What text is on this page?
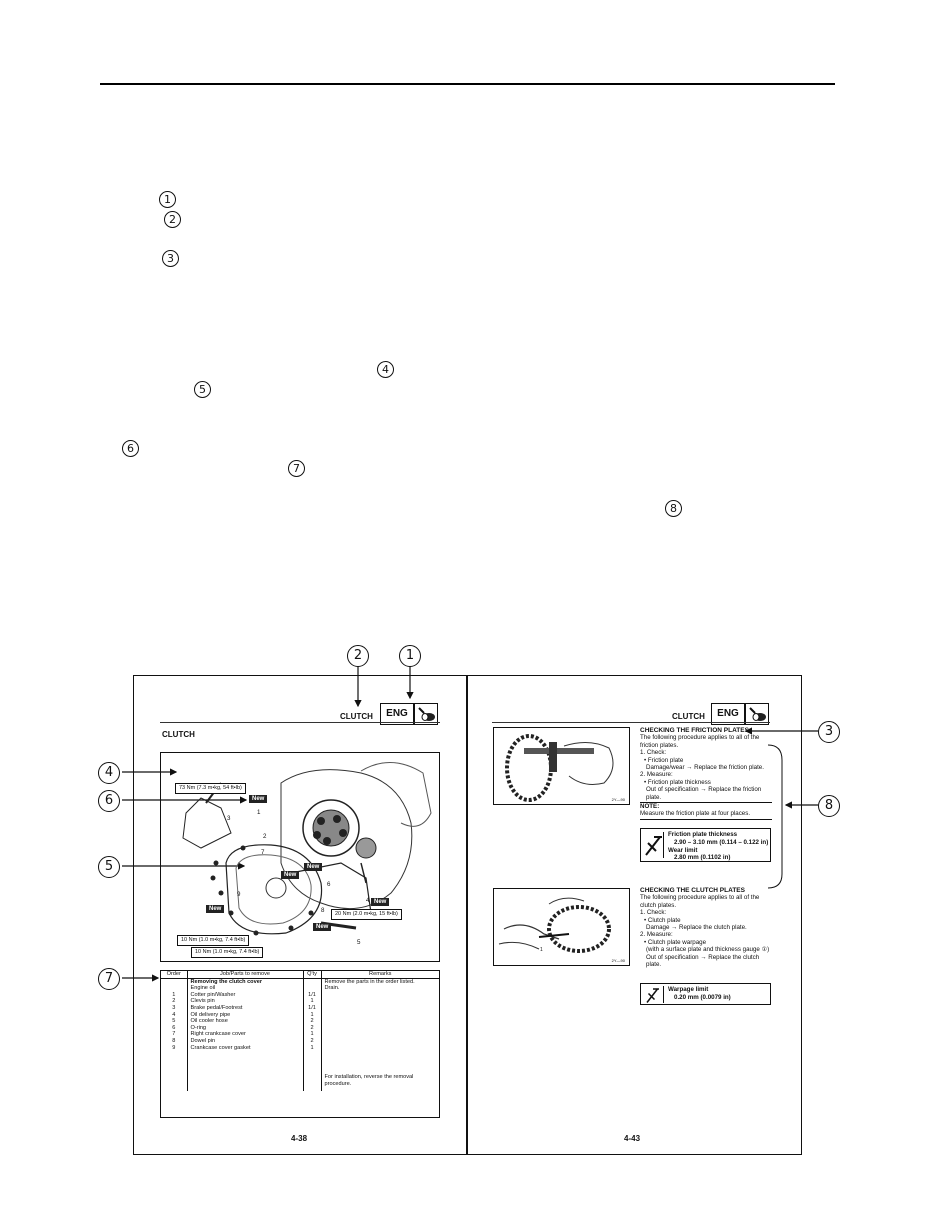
1
2
3
4
5
6
7
8
2	1
4
6
5
7
3
8
CLUTCH	ENG
CLUTCH
73 Nm (7.3 m•kg, 54 ft•lb)
20 Nm (2.0 m•kg, 15 ft•lb)
10 Nm (1.0 m•kg, 7.4 ft•lb)
10 Nm (1.0 m•kg, 7.4 ft•lb)
New
New
New
New
New
New
1
2
3
4
5
6
7
8
9
Order	Job/Parts to remove	Q'ty	Remarks
	Removing the clutch cover		Remove the parts in the order listed.
	Engine oil		Drain.
1	Cotter pin/Washer	1/1	
2	Clevis pin	1	
3	Brake pedal/Footrest	1/1	
4	Oil delivery pipe	1	
5	Oil cooler hose	2	
6	O-ring	2	
7	Right crankcase cover	1	
8	Dowel pin	2	
9	Crankcase cover gasket	1	
			For installation, reverse the removal procedure.
4-38
CLUTCH	ENG
2Y—90
CHECKING THE FRICTION PLATES
The following procedure applies to all of the
friction plates.
1. Check:
• Friction plate
Damage/wear → Replace the friction plate.
2. Measure:
• Friction plate thickness
Out of specification → Replace the friction
plate.
NOTE:
Measure the friction plate at four places.
Friction plate thickness
2.90 – 3.10 mm (0.114 – 0.122 in)
Wear limit
2.80 mm (0.1102 in)
1
2Y—90
CHECKING THE CLUTCH PLATES
The following procedure applies to all of the
clutch plates.
1. Check:
• Clutch plate
Damage → Replace the clutch plate.
2. Measure:
• Clutch plate warpage
(with a surface plate and thickness gauge ①)
Out of specification → Replace the clutch
plate.
Warpage limit
0.20 mm (0.0079 in)
4-43
